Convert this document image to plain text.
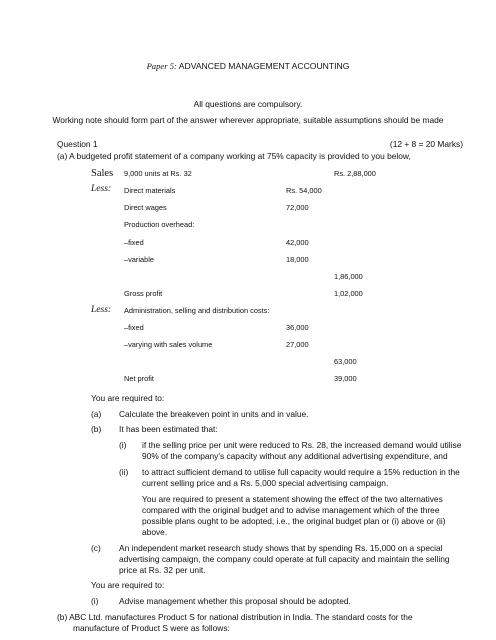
Paper 5: ADVANCED MANAGEMENT ACCOUNTING
All questions are compulsory.
Working note should form part of the answer wherever appropriate, suitable assumptions should be made
Question 1	(12 + 8 = 20 Marks)
(a) A budgeted profit statement of a company working at 75% capacity is provided to you below,
Sales 9,000 units at Rs. 32	Rs. 2,88,000
Less: Direct materials	Rs. 54,000
Direct wages	72,000
Production overhead:
–fixed	42,000
–variable	18,000
1,86,000
Gross profit	1,02,000
Less: Administration, selling and distribution costs:
–fixed	36,000
–varying with sales volume	27,000
63,000
Net profit	39,000
You are required to:
(a) Calculate the breakeven point in units and in value.
(b) It has been estimated that:
(i) if the selling price per unit were reduced to Rs. 28, the increased demand would utilise
90% of the company's capacity without any additional advertising expenditure, and
(ii) to attract sufficient demand to utilise full capacity would require a 15% reduction in the
current selling price and a Rs. 5,000 special advertising campaign.
You are required to present a statement showing the effect of the two alternatives
compared with the original budget and to advise management which of the three
possible plans ought to be adopted, i.e., the original budget plan or (i) above or (ii)
above.
(c) An independent market research study shows that by spending Rs. 15,000 on a special
advertising campaign, the company could operate at full capacity and maintain the selling
price at Rs. 32 per unit.
You are required to:
(i) Advise management whether this proposal should be adopted.
(b) ABC Ltd. manufactures Product S for national distribution in India. The standard costs for the
manufacture of Product S were as follows:
